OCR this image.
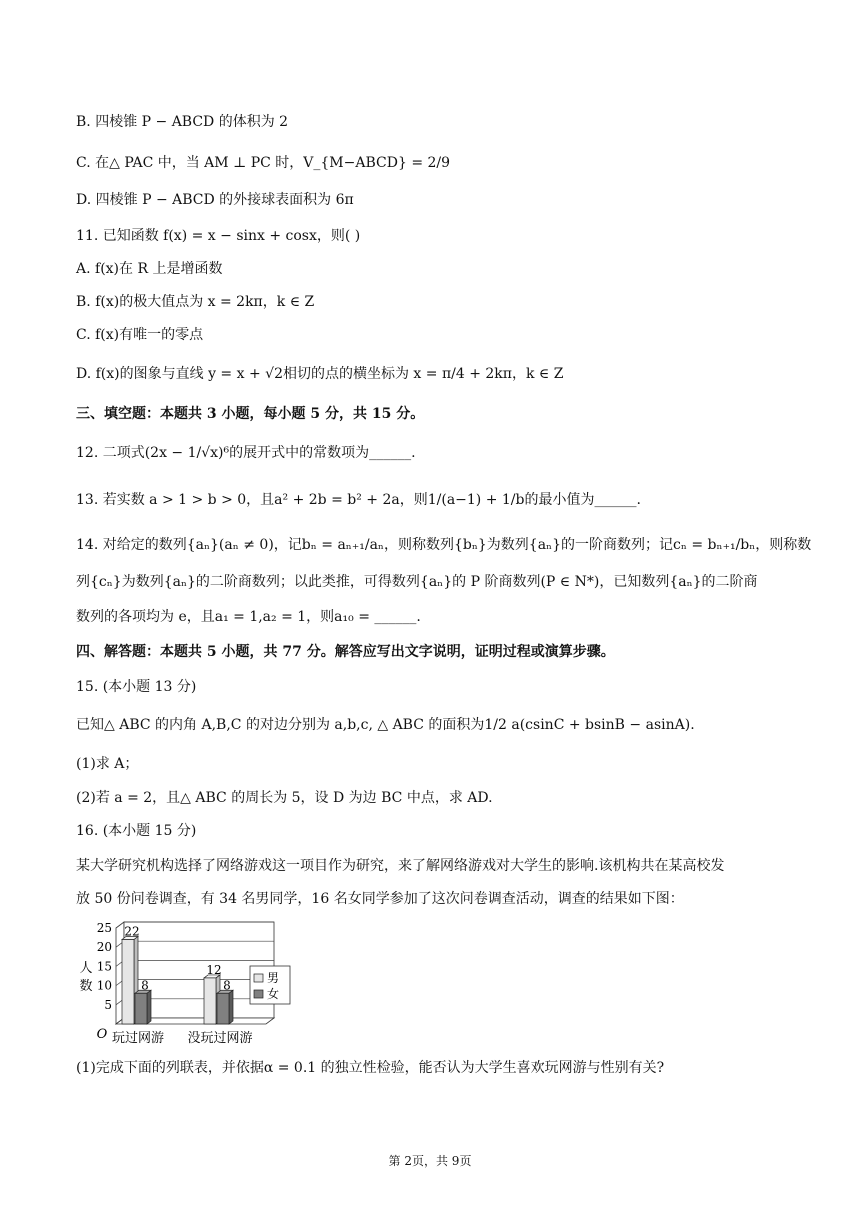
B. 四棱锥 P − ABCD 的体积为 2
C. 在△ PAC 中，当 AM ⊥ PC 时，V_{M−ABCD} = 2/9
D. 四棱锥 P − ABCD 的外接球表面积为 6π
11. 已知函数 f(x) = x − sinx + cosx，则( )
A. f(x)在 R 上是增函数
B. f(x)的极大值点为 x = 2kπ，k ∈ Z
C. f(x)有唯一的零点
D. f(x)的图象与直线 y = x + √2相切的点的横坐标为 x = π/4 + 2kπ，k ∈ Z
三、填空题：本题共 3 小题，每小题 5 分，共 15 分。
12. 二项式(2x − 1/√x)⁶的展开式中的常数项为______.
13. 若实数 a > 1 > b > 0，且a² + 2b = b² + 2a，则1/(a−1) + 1/b的最小值为______.
14. 对给定的数列{aₙ}(aₙ ≠ 0)，记bₙ = aₙ₊₁/aₙ，则称数列{bₙ}为数列{aₙ}的一阶商数列；记cₙ = bₙ₊₁/bₙ，则称数
列{cₙ}为数列{aₙ}的二阶商数列；以此类推，可得数列{aₙ}的 P 阶商数列(P ∈ N*)，已知数列{aₙ}的二阶商
数列的各项均为 e，且a₁ = 1,a₂ = 1，则a₁₀ = ______.
四、解答题：本题共 5 小题，共 77 分。解答应写出文字说明，证明过程或演算步骤。
15. (本小题 13 分)
已知△ ABC 的内角 A,B,C 的对边分别为 a,b,c, △ ABC 的面积为1/2 a(csinC + bsinB − asinA).
(1)求 A；
(2)若 a = 2，且△ ABC 的周长为 5，设 D 为边 BC 中点，求 AD.
16. (本小题 15 分)
某大学研究机构选择了网络游戏这一项目作为研究，来了解网络游戏对大学生的影响.该机构共在某高校发
放 50 份问卷调查，有 34 名男同学，16 名女同学参加了这次问卷调查活动，调查的结果如下图：
(1)完成下面的列联表，并依据α = 0.1 的独立性检验，能否认为大学生喜欢玩网游与性别有关?
5
10
15
20
25
O
人
数
22
8
玩过网游
12
8
没玩过网游
男
女
第 2页，共 9页
